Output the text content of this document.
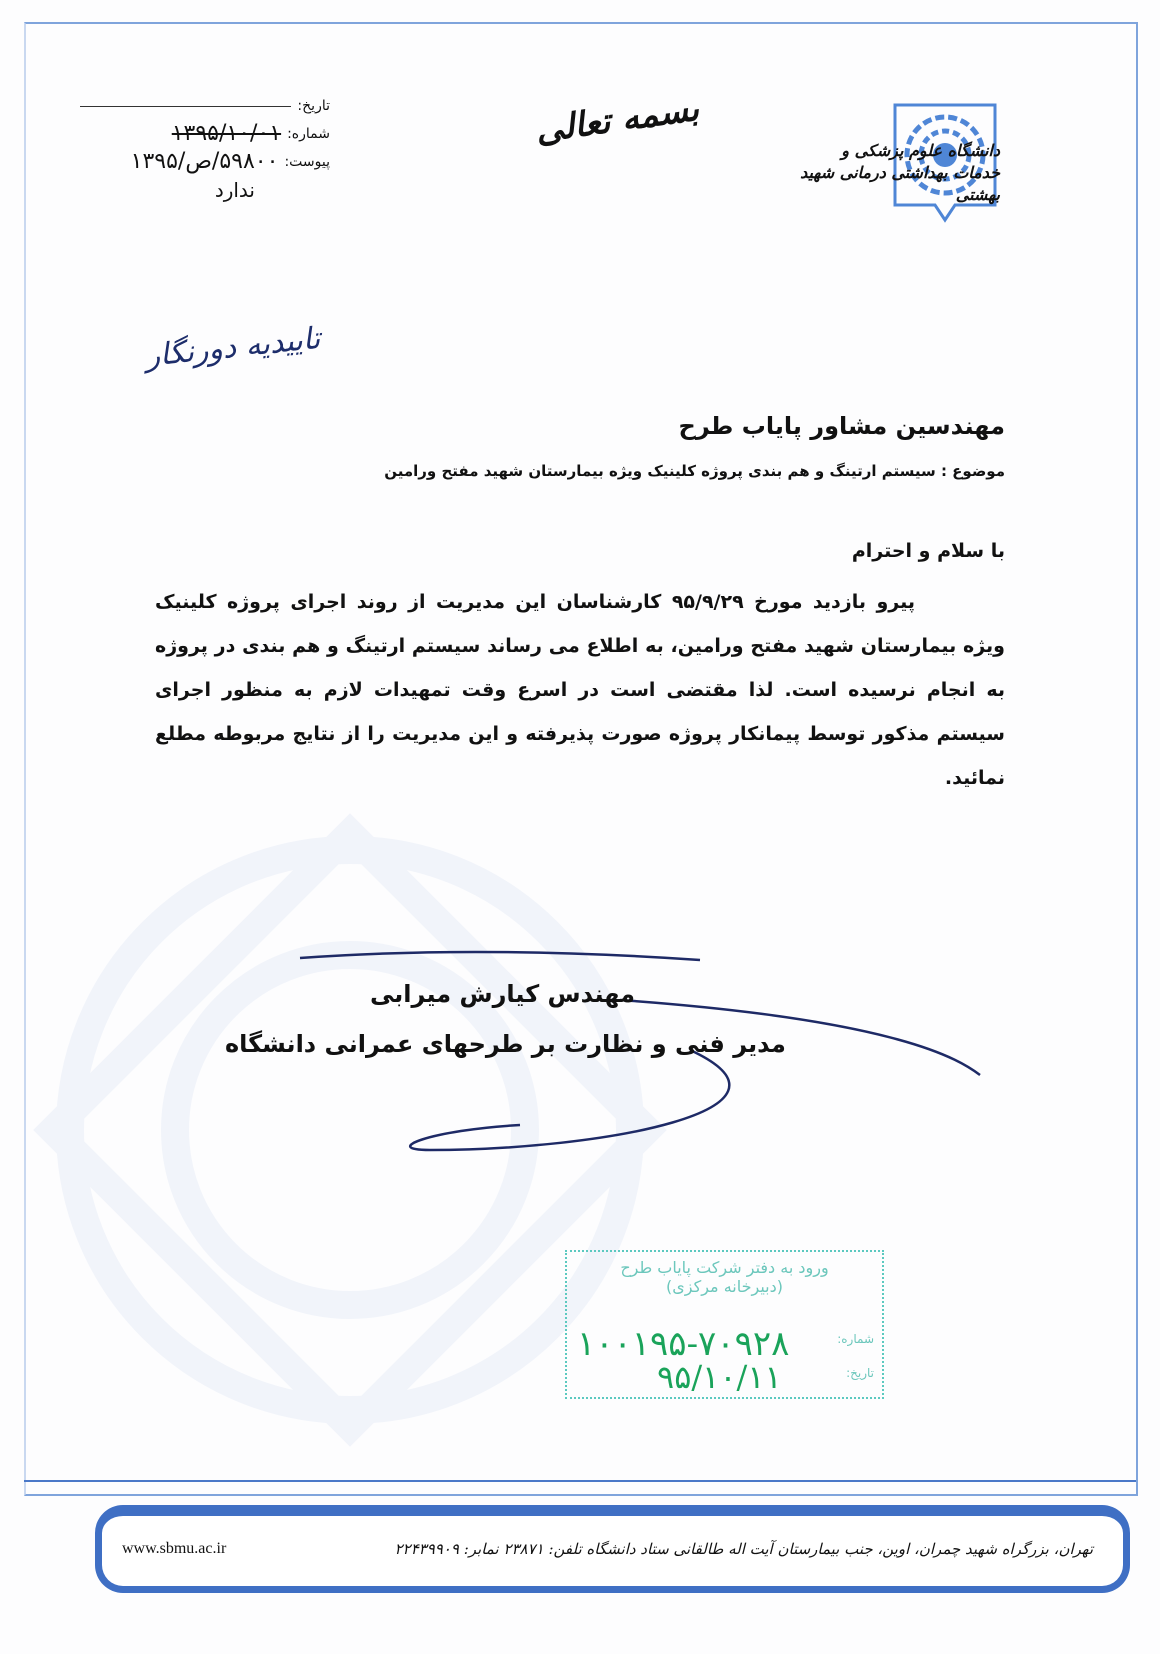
تاریخ:
شماره:
۱۳۹۵/۱۰/۰۱
پیوست:
۵۹۸۰۰/ص/۱۳۹۵
ندارد
بسمه تعالی	دانشگاه علوم پزشکی و خدمات بهداشتی درمانی شهید بهشتی
تاییدیه دورنگار
مهندسین مشاور پایاب طرح
موضوع : سیستم ارتینگ و هم بندی پروژه کلینیک ویژه بیمارستان شهید مفتح ورامین
با سلام و احترام

پیرو بازدید مورخ ۹۵/۹/۲۹ کارشناسان این مدیریت از روند اجرای پروژه کلینیک ویژه بیمارستان شهید مفتح ورامین، به اطلاع می رساند سیستم ارتینگ و هم بندی در پروژه به انجام نرسیده است. لذا مقتضی است در اسرع وقت تمهیدات لازم به منظور اجرای سیستم مذکور توسط پیمانکار پروژه صورت پذیرفته و این مدیریت را از نتایج مربوطه مطلع نمائید.

مهندس کیارش میرابی
مدیر فنی و نظارت بر طرحهای عمرانی دانشگاه
ورود به دفتر شرکت پایاب طرح
(دبیرخانه مرکزی)
شماره:
تاریخ:
۱۰۰۱۹۵-۷۰۹۲۸
۹۵/۱۰/۱۱
www.sbmu.ac.ir	تهران، بزرگراه شهید چمران، اوین، جنب بیمارستان آیت اله طالقانی ستاد دانشگاه تلفن: ۲۳۸۷۱ نمابر: ۲۲۴۳۹۹۰۹
